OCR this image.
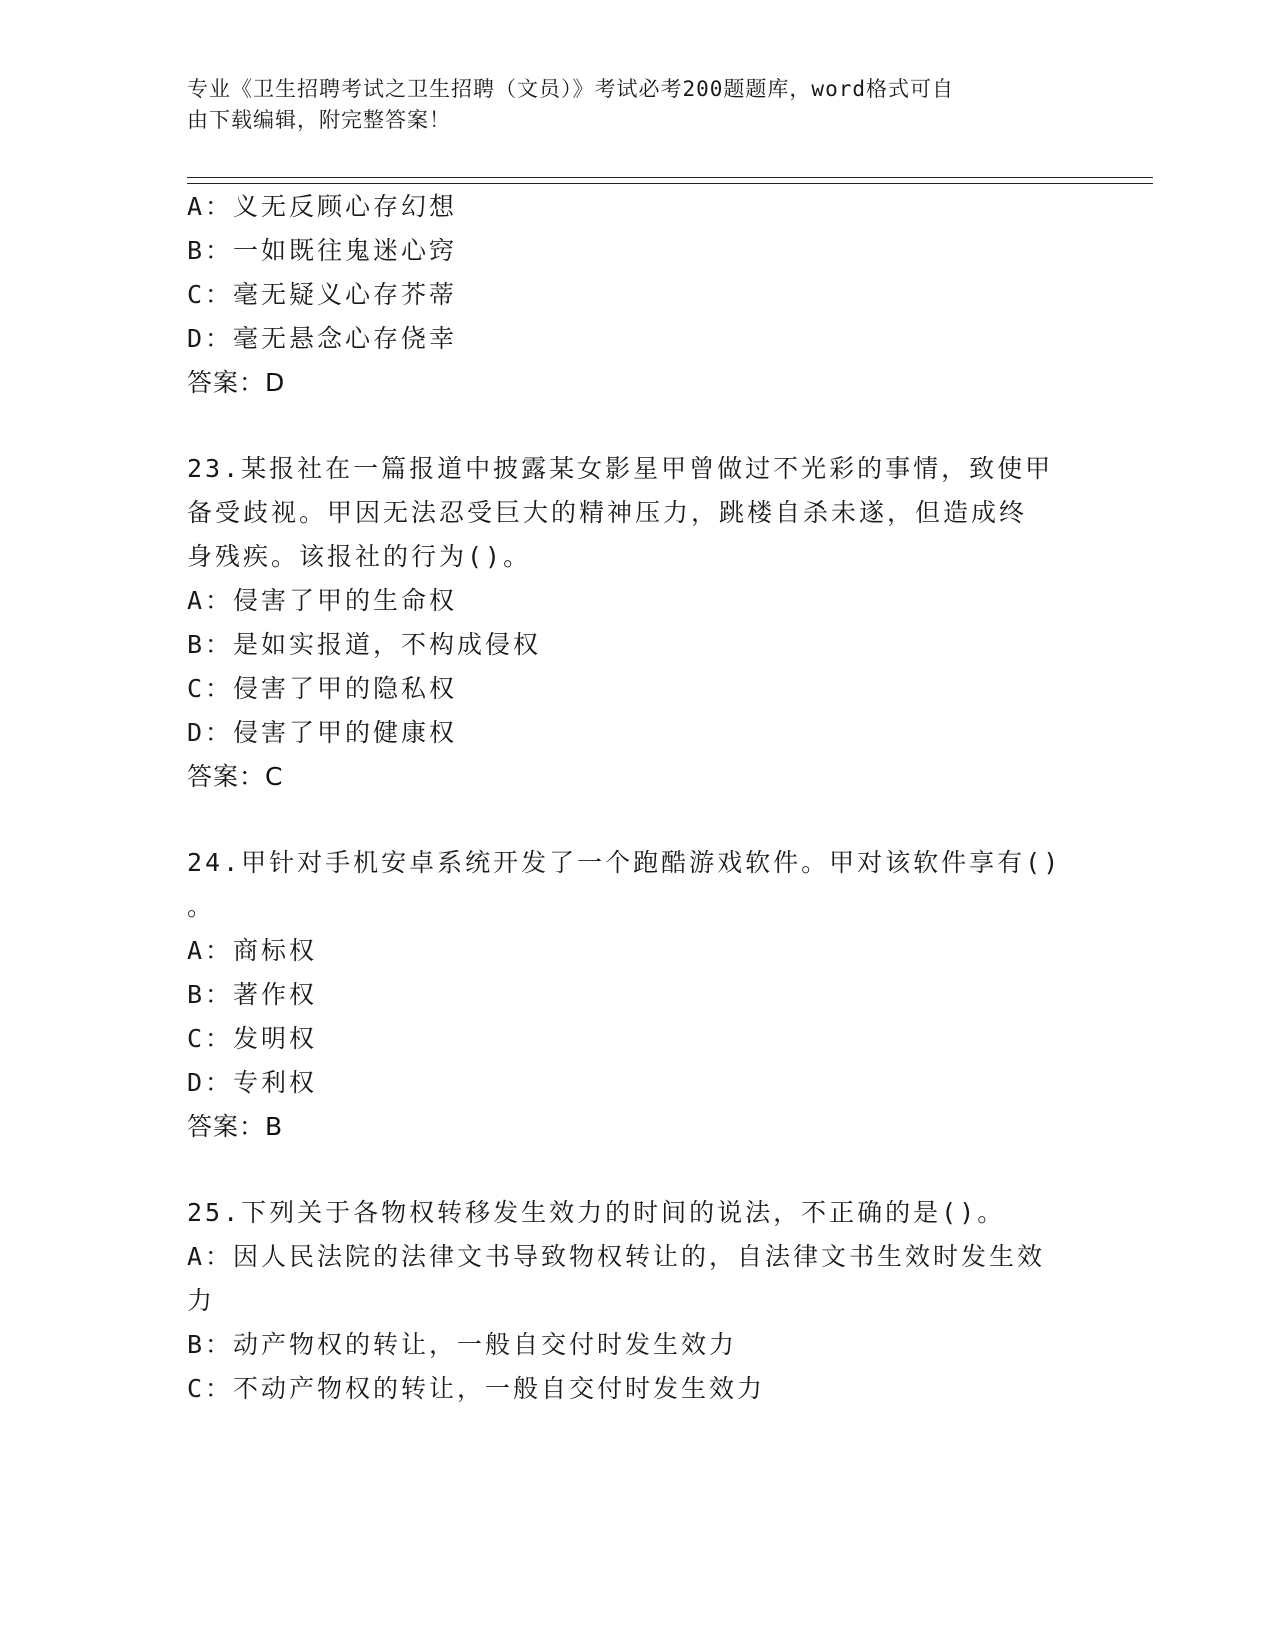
专业《卫生招聘考试之卫生招聘（文员）》考试必考200题题库，word格式可自
由下载编辑，附完整答案！
A：义无反顾心存幻想
B：一如既往鬼迷心窍
C：毫无疑义心存芥蒂
D：毫无悬念心存侥幸
答案：D
23.某报社在一篇报道中披露某女影星甲曾做过不光彩的事情，致使甲
备受歧视。甲因无法忍受巨大的精神压力，跳楼自杀未遂，但造成终
身残疾。该报社的行为()。
A：侵害了甲的生命权
B：是如实报道，不构成侵权
C：侵害了甲的隐私权
D：侵害了甲的健康权
答案：C
24.甲针对手机安卓系统开发了一个跑酷游戏软件。甲对该软件享有()
。
A：商标权
B：著作权
C：发明权
D：专利权
答案：B
25.下列关于各物权转移发生效力的时间的说法，不正确的是()。
A：因人民法院的法律文书导致物权转让的，自法律文书生效时发生效
力
B：动产物权的转让，一般自交付时发生效力
C：不动产物权的转让，一般自交付时发生效力
